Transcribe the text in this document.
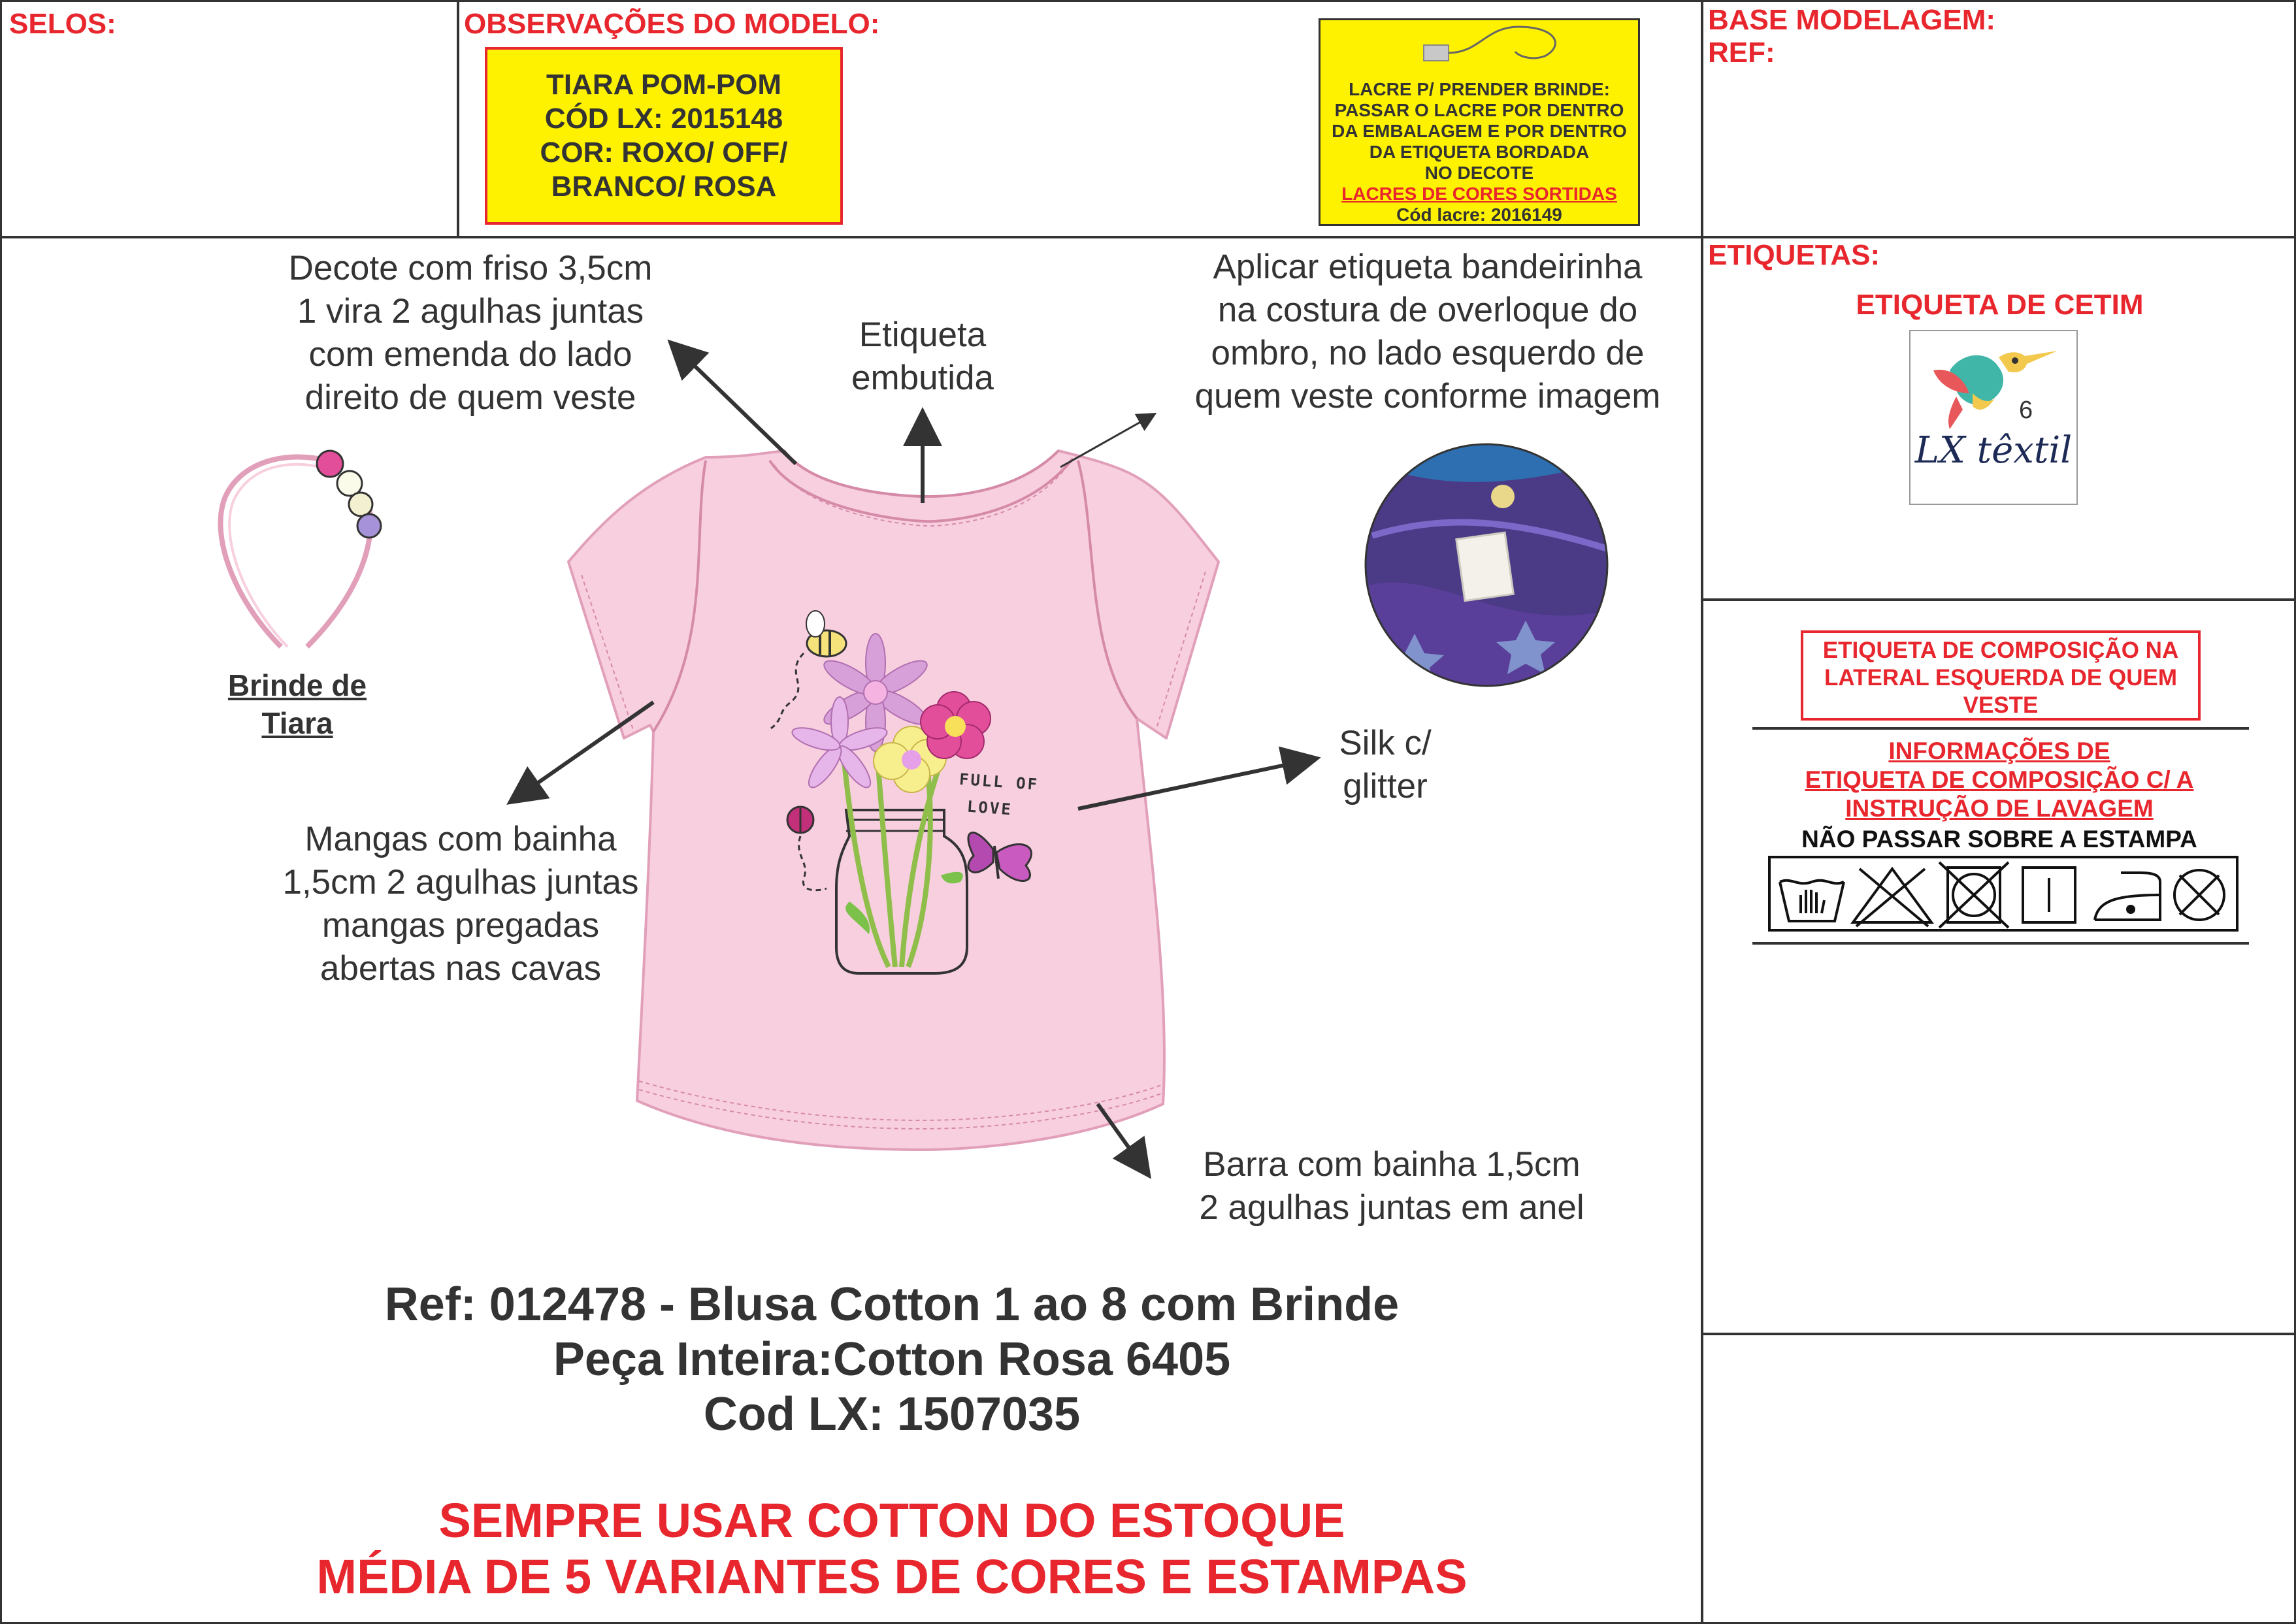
SELOS:	OBSERVAÇÕES DO MODELO:	BASE MODELAGEM:
REF:
TIARA POM-POM
CÓD LX: 2015148
COR: ROXO/ OFF/
BRANCO/ ROSA
LACRE P/ PRENDER BRINDE:
PASSAR O LACRE POR DENTRO
DA EMBALAGEM E POR DENTRO
DA ETIQUETA BORDADA
NO DECOTE
LACRES DE CORES SORTIDAS
Cód lacre: 2016149
FULL OF
LOVE
Decote com friso 3,5cm
1 vira 2 agulhas juntas
com emenda do lado
direito de quem veste
Etiqueta
embutida
Aplicar etiqueta bandeirinha
na costura de overloque do
ombro, no lado esquerdo de
quem veste conforme imagem
Brinde de
Tiara
Silk c/
glitter
Mangas com bainha
1,5cm 2 agulhas juntas
mangas pregadas
abertas nas cavas
Barra com bainha 1,5cm
2 agulhas juntas em anel
Ref: 012478 - Blusa Cotton 1 ao 8 com Brinde
Peça Inteira:Cotton Rosa 6405
Cod LX: 1507035
SEMPRE USAR COTTON DO ESTOQUE
MÉDIA DE 5 VARIANTES DE CORES E ESTAMPAS
ETIQUETAS:
ETIQUETA DE CETIM
6
LX têxtil
ETIQUETA DE COMPOSIÇÃO NA
LATERAL ESQUERDA DE QUEM
VESTE
INFORMAÇÕES DE
ETIQUETA DE COMPOSIÇÃO C/ A
INSTRUÇÃO DE LAVAGEM
NÃO PASSAR SOBRE A ESTAMPA
